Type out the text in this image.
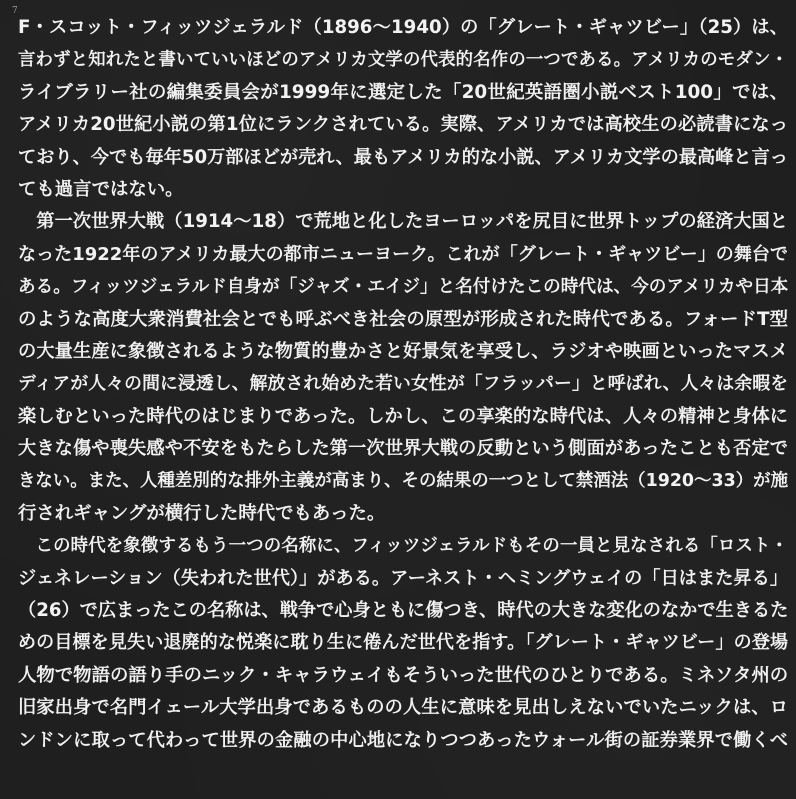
7
F・スコット・フィッツジェラルド（1896～1940）の「グレート・ギャツビー」（25）は、
言わずと知れたと書いていいほどのアメリカ文学の代表的名作の一つである。アメリカのモダン・
ライブラリー社の編集委員会が1999年に選定した「20世紀英語圏小説ベスト100」では、
アメリカ20世紀小説の第1位にランクされている。実際、アメリカでは高校生の必読書になっ
ており、今でも毎年50万部ほどが売れ、最もアメリカ的な小説、アメリカ文学の最高峰と言っ
ても過言ではない。
　第一次世界大戦（1914～18）で荒地と化したヨーロッパを尻目に世界トップの経済大国と
なった1922年のアメリカ最大の都市ニューヨーク。これが「グレート・ギャツビー」の舞台で
ある。フィッツジェラルド自身が「ジャズ・エイジ」と名付けたこの時代は、今のアメリカや日本
のような高度大衆消費社会とでも呼ぶべき社会の原型が形成された時代である。フォードT型
の大量生産に象徴されるような物質的豊かさと好景気を享受し、ラジオや映画といったマスメ
ディアが人々の間に浸透し、解放され始めた若い女性が「フラッパー」と呼ばれ、人々は余暇を
楽しむといった時代のはじまりであった。しかし、この享楽的な時代は、人々の精神と身体に
大きな傷や喪失感や不安をもたらした第一次世界大戦の反動という側面があったことも否定で
きない。また、人種差別的な排外主義が高まり、その結果の一つとして禁酒法（1920～33）が施
行されギャングが横行した時代でもあった。
　この時代を象徴するもう一つの名称に、フィッツジェラルドもその一員と見なされる「ロスト・
ジェネレーション（失われた世代）」がある。アーネスト・ヘミングウェイの「日はまた昇る」
（26）で広まったこの名称は、戦争で心身ともに傷つき、時代の大きな変化のなかで生きるた
めの目標を見失い退廃的な悦楽に耽り生に倦んだ世代を指す。「グレート・ギャツビー」の登場
人物で物語の語り手のニック・キャラウェイもそういった世代のひとりである。ミネソタ州の
旧家出身で名門イェール大学出身であるものの人生に意味を見出しえないでいたニックは、ロ
ンドンに取って代わって世界の金融の中心地になりつつあったウォール街の証券業界で働くべ
